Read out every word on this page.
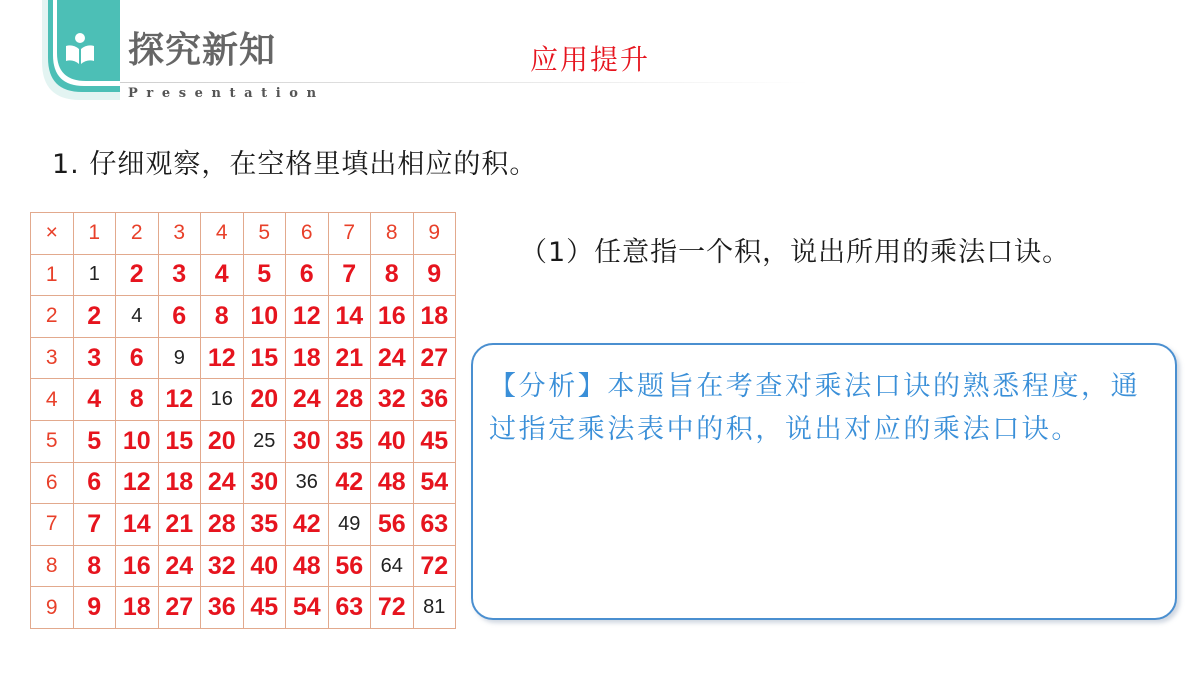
探究新知
Presentation
应用提升
1. 仔细观察，在空格里填出相应的积。
×	1	2	3	4	5	6	7	8	9
1	1	2	3	4	5	6	7	8	9
2	2	4	6	8	10	12	14	16	18
3	3	6	9	12	15	18	21	24	27
4	4	8	12	16	20	24	28	32	36
5	5	10	15	20	25	30	35	40	45
6	6	12	18	24	30	36	42	48	54
7	7	14	21	28	35	42	49	56	63
8	8	16	24	32	40	48	56	64	72
9	9	18	27	36	45	54	63	72	81
（1）任意指一个积，说出所用的乘法口诀。
【分析】本题旨在考查对乘法口诀的熟悉程度，通过指定乘法表中的积，说出对应的乘法口诀。
